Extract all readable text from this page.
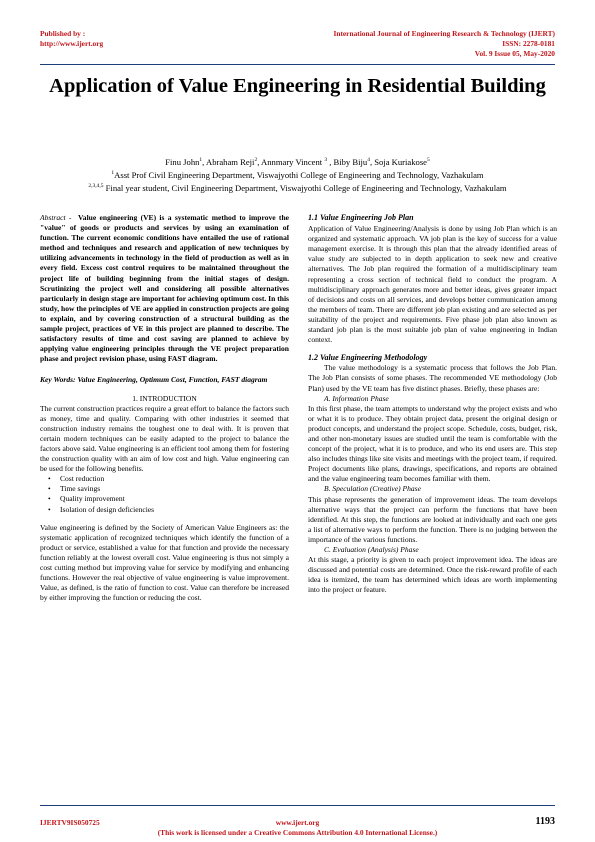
Published by :
http://www.ijert.org
International Journal of Engineering Research & Technology (IJERT)
ISSN: 2278-0181
Vol. 9 Issue 05, May-2020
Application of Value Engineering in Residential Building
Finu John$^1$, Abraham Reji$^2$, Annmary Vincent $^3$ , Biby Biju$^4$, Soja Kuriakose$^5$
$^1$Asst Prof Civil Engineering Department, Viswajyothi College of Engineering and Technology, Vazhakulam
$^{2,3,4,5}$ Final year student, Civil Engineering Department, Viswajyothi College of Engineering and Technology, Vazhakulam

Abstract - Value engineering (VE) is a systematic method to improve the "value" of goods or products and services by using an examination of function. The current economic conditions have entailed the use of rational method and techniques and research and application of new techniques by utilizing advancements in technology in the field of production as well as in every field. Excess cost control requires to be maintained throughout the project life of building beginning from the initial stages of design. Scrutinizing the project well and considering all possible alternatives particularly in design stage are important for achieving optimum cost. In this study, how the principles of VE are applied in construction projects are going to explain, and by covering construction of a structural building as the sample project, practices of VE in this project are planned to describe. The satisfactory results of time and cost saving are planned to achieve by applying value engineering principles through the VE project preparation phase and project revision phase, using FAST diagram.

Key Words: Value Engineering, Optimum Cost, Function, FAST diagram

1. INTRODUCTION

The current construction practices require a great effort to balance the factors such as money, time and quality. Comparing with other industries it seemed that construction industry remains the toughest one to deal with. It is proven that certain modern techniques can be easily adapted to the project to balance the factors above said. Value engineering is an efficient tool among them for fostering the construction quality with an aim of low cost and high. Value engineering can be used for the following benefits.

• Cost reduction
• Time savings
• Quality improvement
• Isolation of design deficiencies

Value engineering is defined by the Society of American Value Engineers as: the systematic application of recognized techniques which identify the function of a product or service, established a value for that function and provide the necessary function reliably at the lowest overall cost. Value engineering is thus not simply a cost cutting method but improving value for service by modifying and enhancing functions. However the real objective of value engineering is value improvement. Value, as defined, is the ratio of function to cost. Value can therefore be increased by either improving the function or reducing the cost.

1.1 Value Engineering Job Plan

Application of Value Engineering/Analysis is done by using Job Plan which is an organized and systematic approach. VA job plan is the key of success for a value management exercise. It is through this plan that the already identified areas of value study are subjected to in depth application to seek new and creative alternatives. The Job plan required the formation of a multidisciplinary team representing a cross section of technical field to conduct the program. A multidisciplinary approach generates more and better ideas, gives greater impact of decisions and costs on all services, and develops better communication among the members of team. There are different job plan existing and are selected as per suitability of the project and requirements. Five phase job plan also known as standard job plan is the most suitable job plan of value engineering in Indian context.

1.2 Value Engineering Methodology

The value methodology is a systematic process that follows the Job Plan. The Job Plan consists of some phases. The recommended VE methodology (Job Plan) used by the VE team has five distinct phases. Briefly, these phases are:

A. Information Phase

In this first phase, the team attempts to understand why the project exists and who or what it is to produce. They obtain project data, present the original design or product concepts, and understand the project scope. Schedule, costs, budget, risk, and other non-monetary issues are studied until the team is comfortable with the concept of the project, what it is to produce, and who its end users are. This step also includes things like site visits and meetings with the project team, if required. Project documents like plans, drawings, specifications, and reports are obtained and the value engineering team becomes familiar with them.

B. Speculation (Creative) Phase

This phase represents the generation of improvement ideas. The team develops alternative ways that the project can perform the functions that have been identified. At this step, the functions are looked at individually and each one gets a list of alternative ways to perform the function. There is no judging between the importance of the various functions.

C. Evaluation (Analysis) Phase

At this stage, a priority is given to each project improvement idea. The ideas are discussed and potential costs are determined. Once the risk-reward profile of each idea is itemized, the team has determined which ideas are worth implementing into the project or feature.

IJERTV9IS050725	www.ijert.org
(This work is licensed under a Creative Commons Attribution 4.0 International License.)
1193
